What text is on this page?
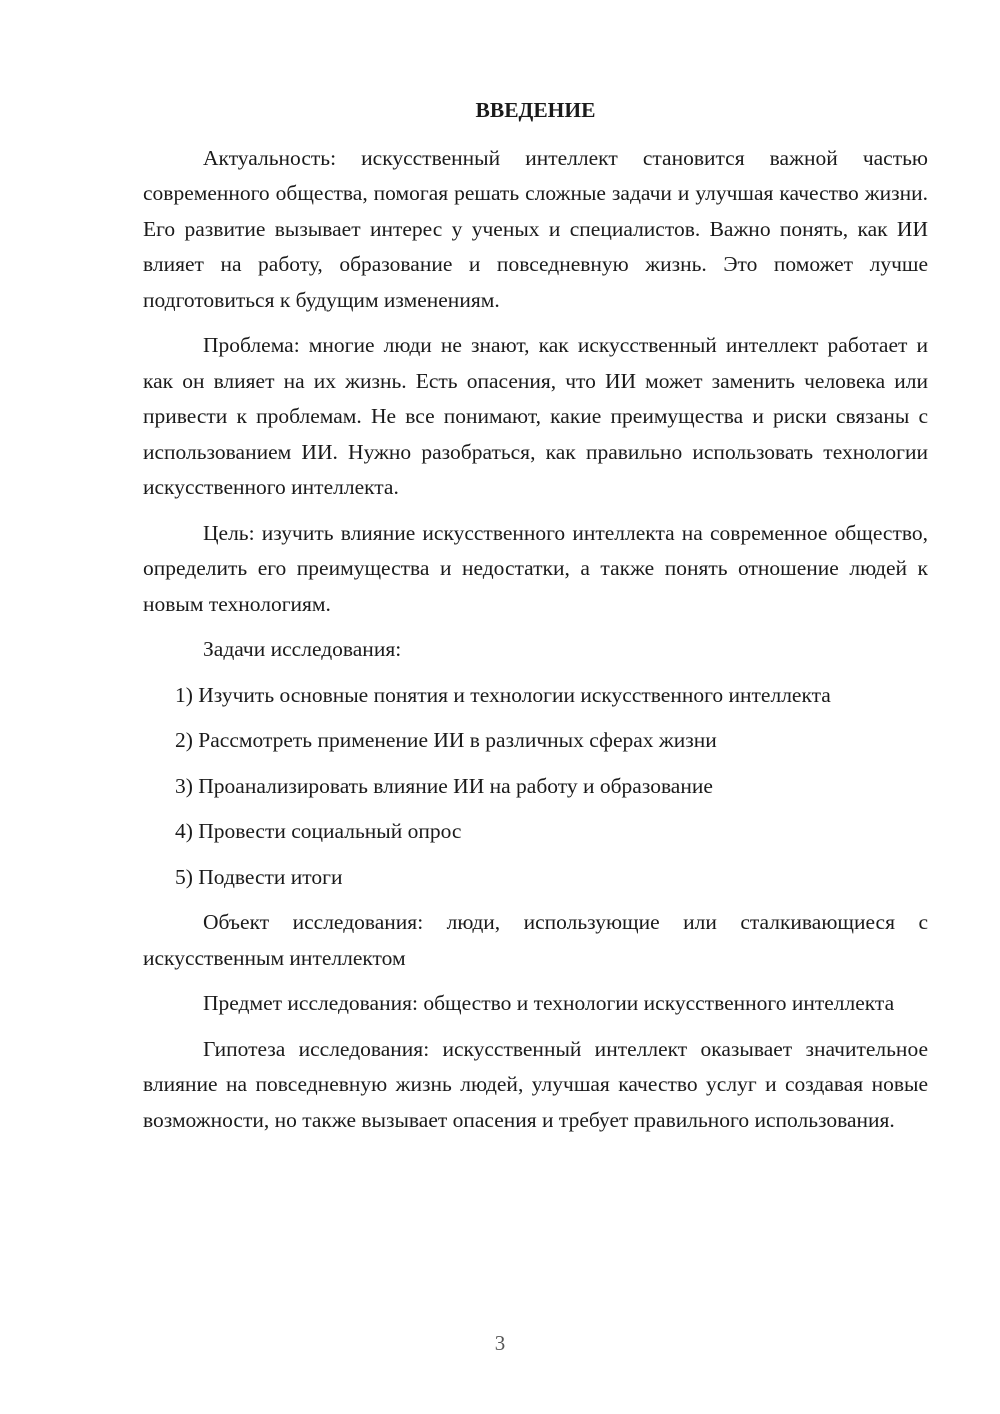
ВВЕДЕНИЕ

Актуальность: искусственный интеллект становится важной частью современного общества, помогая решать сложные задачи и улучшая качество жизни. Его развитие вызывает интерес у ученых и специалистов. Важно понять, как ИИ влияет на работу, образование и повседневную жизнь. Это поможет лучше подготовиться к будущим изменениям.

Проблема: многие люди не знают, как искусственный интеллект работает и как он влияет на их жизнь. Есть опасения, что ИИ может заменить человека или привести к проблемам. Не все понимают, какие преимущества и риски связаны с использованием ИИ. Нужно разобраться, как правильно использовать технологии искусственного интеллекта.

Цель: изучить влияние искусственного интеллекта на современное общество, определить его преимущества и недостатки, а также понять отношение людей к новым технологиям.

Задачи исследования:

1) Изучить основные понятия и технологии искусственного интеллекта

2) Рассмотреть применение ИИ в различных сферах жизни

3) Проанализировать влияние ИИ на работу и образование

4) Провести социальный опрос

5) Подвести итоги

Объект исследования: люди, использующие или сталкивающиеся с искусственным интеллектом

Предмет исследования: общество и технологии искусственного интеллекта

Гипотеза исследования: искусственный интеллект оказывает значительное влияние на повседневную жизнь людей, улучшая качество услуг и создавая новые возможности, но также вызывает опасения и требует правильного использования.

3
